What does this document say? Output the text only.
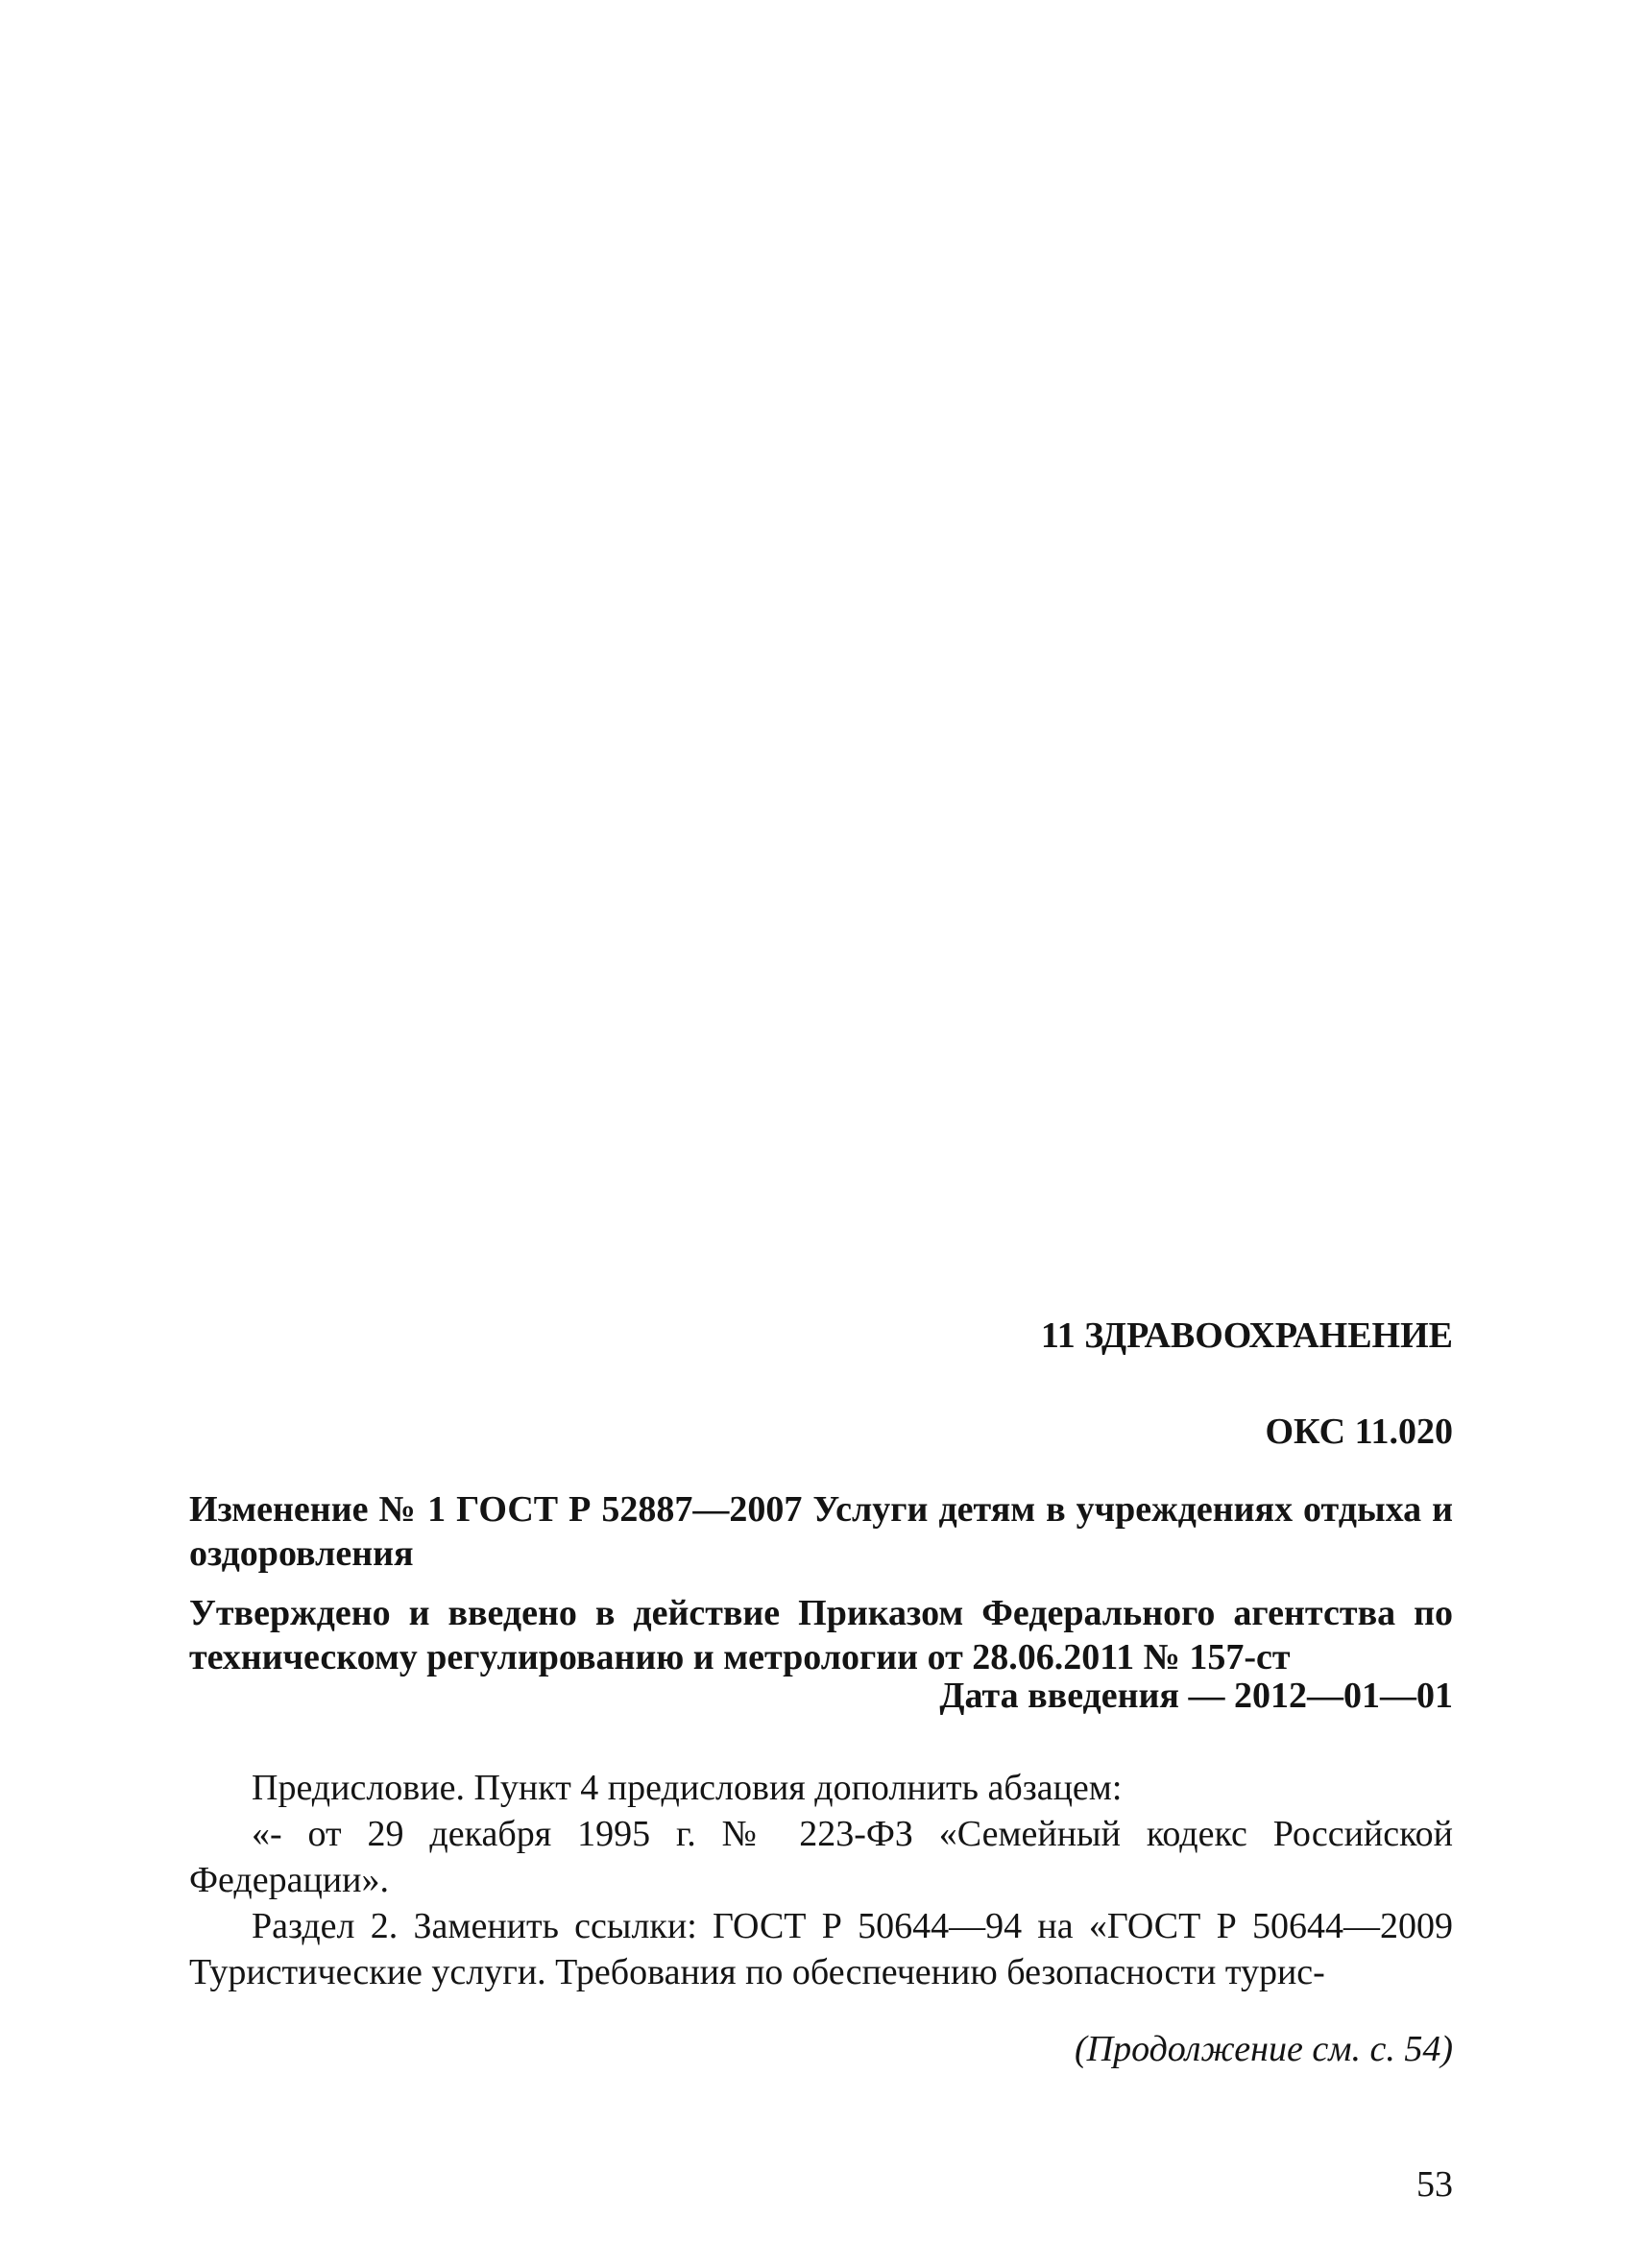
11 ЗДРАВООХРАНЕНИЕ
ОКС 11.020
Изменение № 1 ГОСТ Р 52887—2007 Услуги детям в учреждениях отдыха и оздоровления
Утверждено и введено в действие Приказом Федерального агентства по техническому регулированию и метрологии от 28.06.2011 № 157-ст
Дата введения — 2012—01—01

Предисловие. Пункт 4 предисловия дополнить абзацем:

«- от 29 декабря 1995 г. № 223-ФЗ «Семейный кодекс Российской Федерации».

Раздел 2. Заменить ссылки: ГОСТ Р 50644—94 на «ГОСТ Р 50644—2009 Туристические услуги. Требования по обеспечению безопасности турис-

(Продолжение см. с. 54)
53
